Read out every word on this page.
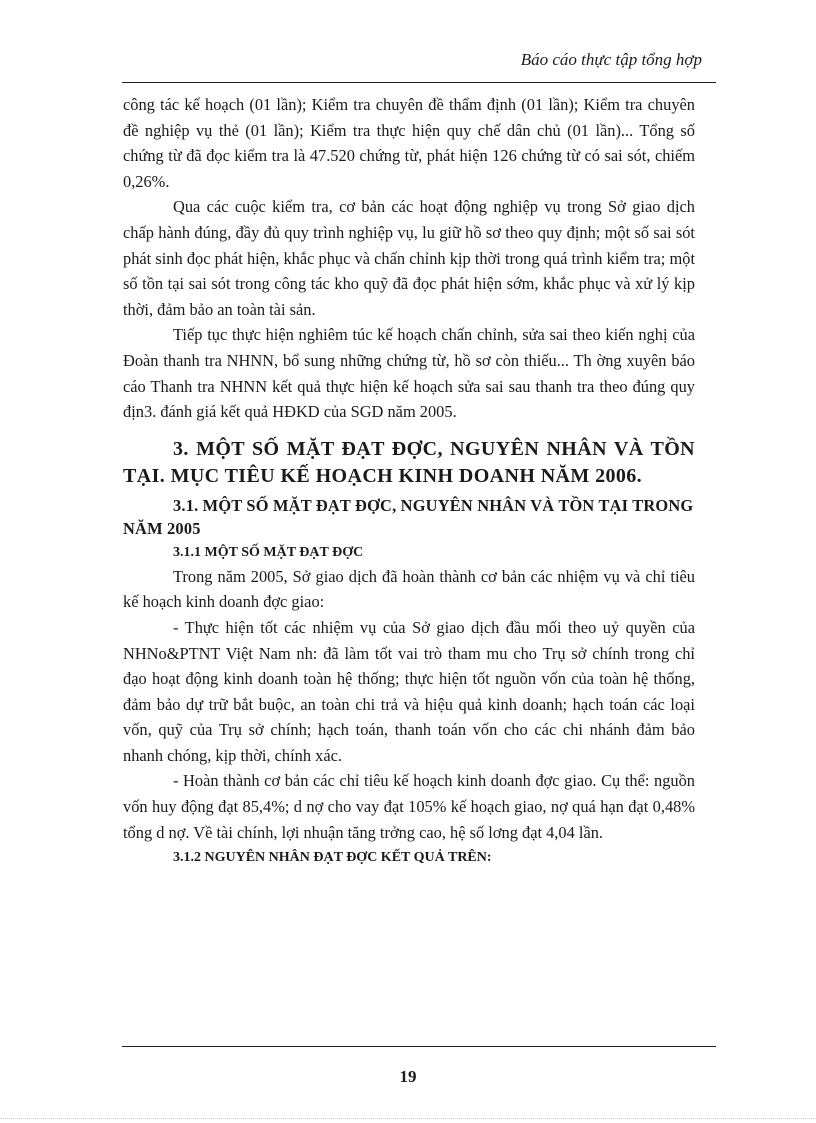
Báo cáo thực tập tổng hợp

công tác kế hoạch (01 lần); Kiểm tra chuyên đề thẩm định (01 lần); Kiểm tra chuyên đề nghiệp vụ thẻ (01 lần); Kiểm tra thực hiện quy chế dân chủ (01 lần)... Tổng số chứng từ đã đọc kiểm tra là 47.520 chứng từ, phát hiện 126 chứng từ có sai sót, chiếm 0,26%.

Qua các cuộc kiểm tra, cơ bản các hoạt động nghiệp vụ trong Sở giao dịch chấp hành đúng, đầy đủ quy trình nghiệp vụ, lu giữ hồ sơ theo quy định; một số sai sót phát sinh đọc phát hiện, khắc phục và chấn chỉnh kịp thời trong quá trình kiểm tra; một số tồn tại sai sót trong công tác kho quỹ đã đọc phát hiện sớm, khắc phục và xử lý kịp thời, đảm bảo an toàn tài sản.

Tiếp tục thực hiện nghiêm túc kế hoạch chấn chỉnh, sửa sai theo kiến nghị của Đoàn thanh tra NHNN, bổ sung những chứng từ, hồ sơ còn thiếu... Th ờng xuyên báo cáo Thanh tra NHNN kết quả thực hiện kế hoạch sửa sai sau thanh tra theo đúng quy địn3. đánh giá kết quả HĐKD của SGD năm 2005.

3. MỘT SỐ MẶT ĐẠT ĐỢC, NGUYÊN NHÂN VÀ TỒN TẠI. MỤC TIÊU KẾ HOẠCH KINH DOANH NĂM 2006.
3.1. MỘT SỐ MẶT ĐẠT ĐỢC, NGUYÊN NHÂN VÀ TỒN TẠI TRONG NĂM 2005
3.1.1 MỘT SỐ MẶT ĐẠT ĐỢC

Trong năm 2005, Sở giao dịch đã hoàn thành cơ bản các nhiệm vụ và chỉ tiêu kế hoạch kinh doanh đợc giao:

- Thực hiện tốt các nhiệm vụ của Sở giao dịch đầu mối theo uỷ quyền của NHNo&PTNT Việt Nam nh: đã làm tốt vai trò tham mu cho Trụ sở chính trong chỉ đạo hoạt động kinh doanh toàn hệ thống; thực hiện tốt nguồn vốn của toàn hệ thống, đảm bảo dự trữ bắt buộc, an toàn chi trả và hiệu quả kinh doanh; hạch toán các loại vốn, quỹ của Trụ sở chính; hạch toán, thanh toán vốn cho các chi nhánh đảm bảo nhanh chóng, kịp thời, chính xác.

- Hoàn thành cơ bản các chỉ tiêu kế hoạch kinh doanh đợc giao. Cụ thể: nguồn vốn huy động đạt 85,4%; d nợ cho vay đạt 105% kế hoạch giao, nợ quá hạn đạt 0,48% tổng d nợ. Về tài chính, lợi nhuận tăng trởng cao, hệ số lơng đạt 4,04 lần.

3.1.2 NGUYÊN NHÂN ĐẠT ĐỢC KẾT QUẢ TRÊN:
19
